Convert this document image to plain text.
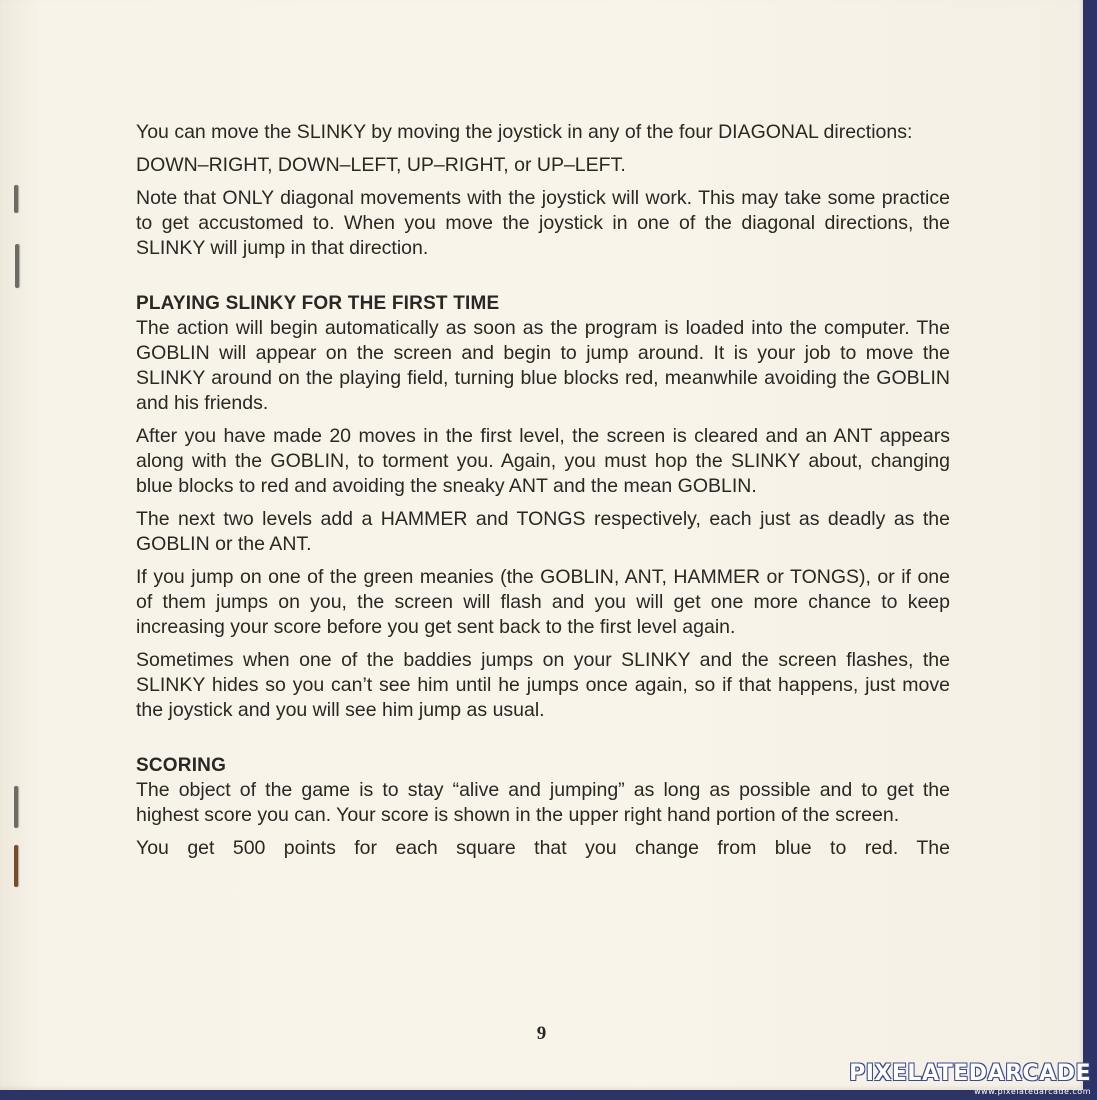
You can move the SLINKY by moving the joystick in any of the four DIAGONAL directions:

DOWN–RIGHT, DOWN–LEFT, UP–RIGHT, or UP–LEFT.

Note that ONLY diagonal movements with the joystick will work. This may take some practice to get accustomed to. When you move the joystick in one of the diagonal directions, the SLINKY will jump in that direction.

PLAYING SLINKY FOR THE FIRST TIME

The action will begin automatically as soon as the program is loaded into the computer. The GOBLIN will appear on the screen and begin to jump around. It is your job to move the SLINKY around on the playing field, turning blue blocks red, meanwhile avoiding the GOBLIN and his friends.

After you have made 20 moves in the first level, the screen is cleared and an ANT appears along with the GOBLIN, to torment you. Again, you must hop the SLINKY about, changing blue blocks to red and avoiding the sneaky ANT and the mean GOBLIN.

The next two levels add a HAMMER and TONGS respectively, each just as deadly as the GOBLIN or the ANT.

If you jump on one of the green meanies (the GOBLIN, ANT, HAMMER or TONGS), or if one of them jumps on you, the screen will flash and you will get one more chance to keep increasing your score before you get sent back to the first level again.

Sometimes when one of the baddies jumps on your SLINKY and the screen flashes, the SLINKY hides so you can’t see him until he jumps once again, so if that happens, just move the joystick and you will see him jump as usual.

SCORING

The object of the game is to stay “alive and jumping” as long as possible and to get the highest score you can. Your score is shown in the upper right hand portion of the screen.

You get 500 points for each square that you change from blue to red. The

9
PIXELATEDARCADE
www.pixelatedarcade.com
